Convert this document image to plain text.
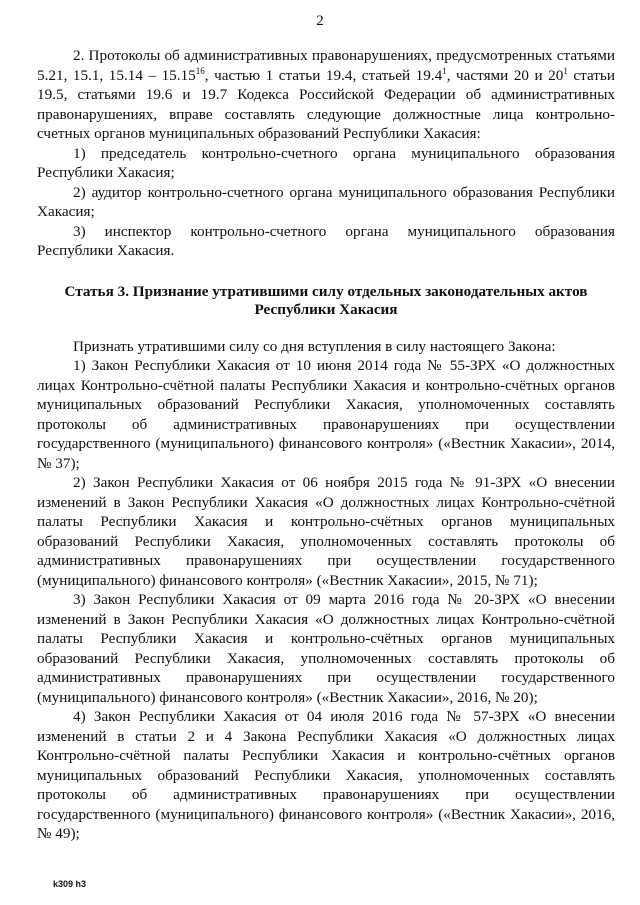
2

2. Протоколы об административных правонарушениях, предусмотренных статьями 5.21, 15.1, 15.14 – 15.15$^{16}$, частью 1 статьи 19.4, статьей 19.4$^1$, частями 20 и $20^1$ статьи 19.5, статьями 19.6 и 19.7 Кодекса Российской Федерации об административных правонарушениях, вправе составлять следующие должностные лица контрольно-счетных органов муниципальных образований Республики Хакасия:

1) председатель контрольно-счетного органа муниципального образования Республики Хакасия;

2) аудитор контрольно-счетного органа муниципального образования Республики Хакасия;

3) инспектор контрольно-счетного органа муниципального образования Республики Хакасия.

Статья 3. Признание утратившими силу отдельных законодательных актов Республики Хакасия

Признать утратившими силу со дня вступления в силу настоящего Закона:

1) Закон Республики Хакасия от 10 июня 2014 года № 55-ЗРХ «О должностных лицах Контрольно-счётной палаты Республики Хакасия и контрольно-счётных органов муниципальных образований Республики Хакасия, уполномоченных составлять протоколы об административных правонарушениях при осуществлении государственного (муниципального) финансового контроля» («Вестник Хакасии», 2014, № 37);

2) Закон Республики Хакасия от 06 ноября 2015 года № 91-ЗРХ «О внесении изменений в Закон Республики Хакасия «О должностных лицах Контрольно-счётной палаты Республики Хакасия и контрольно-счётных органов муниципальных образований Республики Хакасия, уполномоченных составлять протоколы об административных правонарушениях при осуществлении государственного (муниципального) финансового контроля» («Вестник Хакасии», 2015, № 71);

3) Закон Республики Хакасия от 09 марта 2016 года № 20-ЗРХ «О внесении изменений в Закон Республики Хакасия «О должностных лицах Контрольно-счётной палаты Республики Хакасия и контрольно-счётных органов муниципальных образований Республики Хакасия, уполномоченных составлять протоколы об административных правонарушениях при осуществлении государственного (муниципального) финансового контроля» («Вестник Хакасии», 2016, № 20);

4) Закон Республики Хакасия от 04 июля 2016 года № 57-ЗРХ «О внесении изменений в статьи 2 и 4 Закона Республики Хакасия «О должностных лицах Контрольно-счётной палаты Республики Хакасия и контрольно-счётных органов муниципальных образований Республики Хакасия, уполномоченных составлять протоколы об административных правонарушениях при осуществлении государственного (муниципального) финансового контроля» («Вестник Хакасии», 2016, № 49);

k309 h3
